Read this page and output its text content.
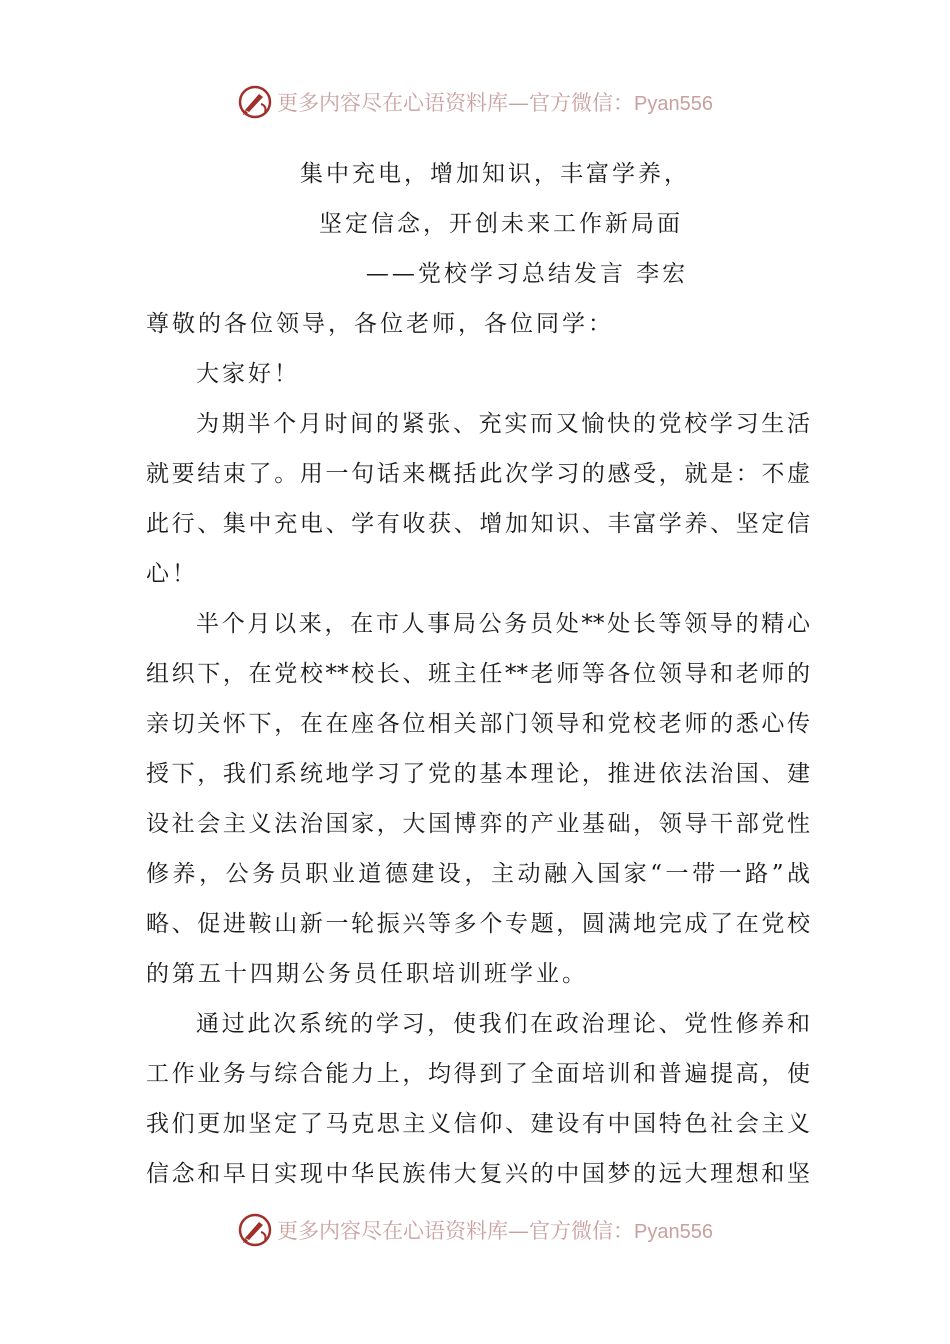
更多内容尽在心语资料库—官方微信：Pyan556
集中充电，增加知识，丰富学养，
坚定信念，开创未来工作新局面
——党校学习总结发言 李宏
尊敬的各位领导，各位老师，各位同学：
大家好！
为期半个月时间的紧张、充实而又愉快的党校学习生活
就要结束了。用一句话来概括此次学习的感受，就是：不虚
此行、集中充电、学有收获、增加知识、丰富学养、坚定信
心！
半个月以来，在市人事局公务员处**处长等领导的精心
组织下，在党校**校长、班主任**老师等各位领导和老师的
亲切关怀下，在在座各位相关部门领导和党校老师的悉心传
授下，我们系统地学习了党的基本理论，推进依法治国、建
设社会主义法治国家，大国博弈的产业基础，领导干部党性
修养，公务员职业道德建设，主动融入国家“一带一路”战
略、促进鞍山新一轮振兴等多个专题，圆满地完成了在党校
的第五十四期公务员任职培训班学业。
通过此次系统的学习，使我们在政治理论、党性修养和
工作业务与综合能力上，均得到了全面培训和普遍提高，使
我们更加坚定了马克思主义信仰、建设有中国特色社会主义
信念和早日实现中华民族伟大复兴的中国梦的远大理想和坚
更多内容尽在心语资料库—官方微信：Pyan556
